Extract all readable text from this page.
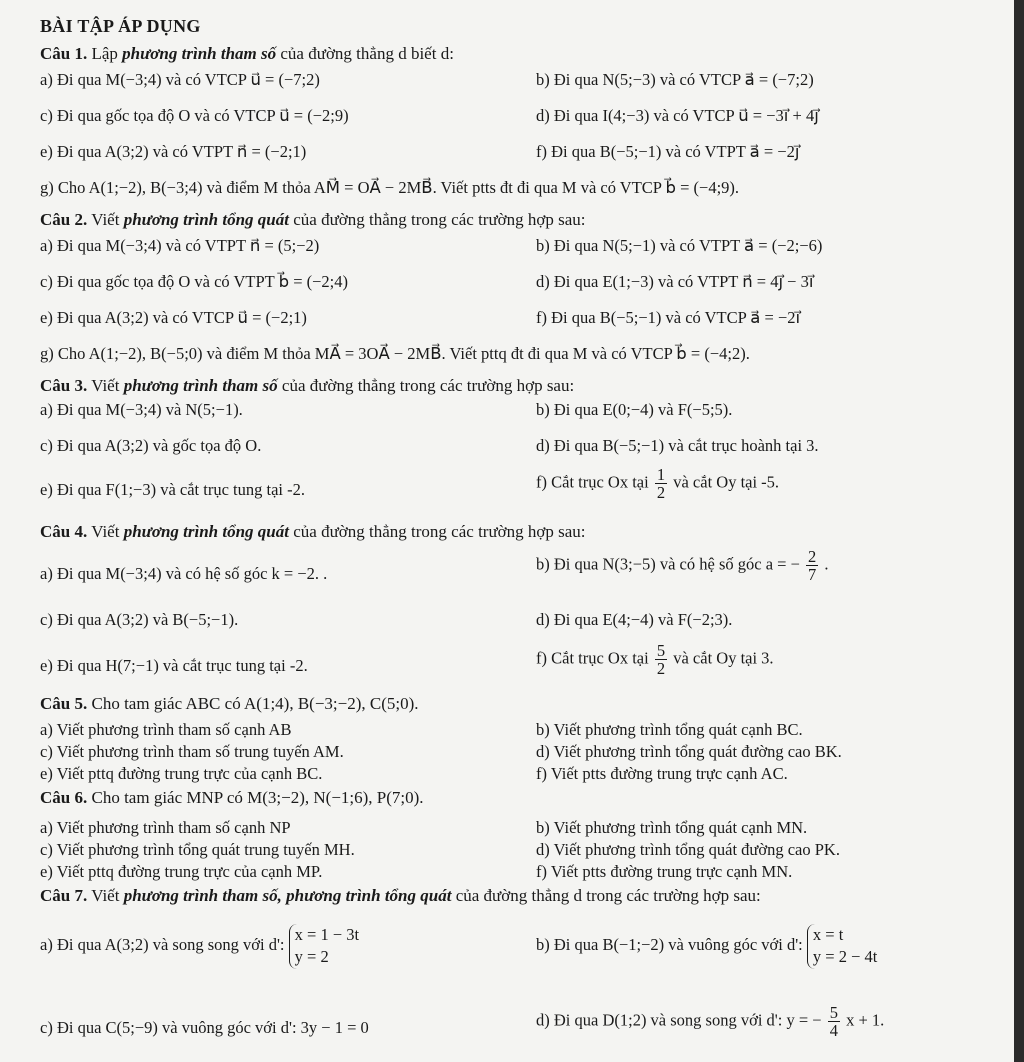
BÀI TẬP ÁP DỤNG
Câu 1. Lập phương trình tham số của đường thẳng d biết d:
a) Đi qua M(−3;4) và có VTCP u⃗ = (−7;2)	b) Đi qua N(5;−3) và có VTCP a⃗ = (−7;2)
c) Đi qua gốc tọa độ O và có VTCP u⃗ = (−2;9)	d) Đi qua I(4;−3) và có VTCP u⃗ = −3i⃗ + 4j⃗
e) Đi qua A(3;2) và có VTPT n⃗ = (−2;1)	f) Đi qua B(−5;−1) và có VTPT a⃗ = −2j⃗
g) Cho A(1;−2), B(−3;4) và điểm M thỏa AM⃗ = OA⃗ − 2MB⃗. Viết ptts đt đi qua M và có VTCP b⃗ = (−4;9).
Câu 2. Viết phương trình tổng quát của đường thẳng trong các trường hợp sau:
a) Đi qua M(−3;4) và có VTPT n⃗ = (5;−2)	b) Đi qua N(5;−1) và có VTPT a⃗ = (−2;−6)
c) Đi qua gốc tọa độ O và có VTPT b⃗ = (−2;4)	d) Đi qua E(1;−3) và có VTPT n⃗ = 4j⃗ − 3i⃗
e) Đi qua A(3;2) và có VTCP u⃗ = (−2;1)	f) Đi qua B(−5;−1) và có VTCP a⃗ = −2i⃗
g) Cho A(1;−2), B(−5;0) và điểm M thỏa MA⃗ = 3OA⃗ − 2MB⃗. Viết pttq đt đi qua M và có VTCP b⃗ = (−4;2).
Câu 3. Viết phương trình tham số của đường thẳng trong các trường hợp sau:
a) Đi qua M(−3;4) và N(5;−1).	b) Đi qua E(0;−4) và F(−5;5).
c) Đi qua A(3;2) và gốc tọa độ O.	d) Đi qua B(−5;−1) và cắt trục hoành tại 3.
e) Đi qua F(1;−3) và cắt trục tung tại -2.	f) Cắt trục Ox tại $\frac{1}{2}$ và cắt Oy tại -5.
Câu 4. Viết phương trình tổng quát của đường thẳng trong các trường hợp sau:
a) Đi qua M(−3;4) và có hệ số góc k = −2. .	b) Đi qua N(3;−5) và có hệ số góc a = − $\frac{2}{7}$ .
c) Đi qua A(3;2) và B(−5;−1).	d) Đi qua E(4;−4) và F(−2;3).
e) Đi qua H(7;−1) và cắt trục tung tại -2.	f) Cắt trục Ox tại $\frac{5}{2}$ và cắt Oy tại 3.
Câu 5. Cho tam giác ABC có A(1;4), B(−3;−2), C(5;0).
a) Viết phương trình tham số cạnh AB	b) Viết phương trình tổng quát cạnh BC.
c) Viết phương trình tham số trung tuyến AM.	d) Viết phương trình tổng quát đường cao BK.
e) Viết pttq đường trung trực của cạnh BC.	f) Viết ptts đường trung trực cạnh AC.
Câu 6. Cho tam giác MNP có M(3;−2), N(−1;6), P(7;0).
a) Viết phương trình tham số cạnh NP	b) Viết phương trình tổng quát cạnh MN.
c) Viết phương trình tổng quát trung tuyến MH.	d) Viết phương trình tổng quát đường cao PK.
e) Viết pttq đường trung trực của cạnh MP.	f) Viết ptts đường trung trực cạnh MN.
Câu 7. Viết phương trình tham số, phương trình tổng quát của đường thẳng d trong các trường hợp sau:
a) Đi qua A(3;2) và song song với d':
x = 1 − 3t
y = 2
b) Đi qua B(−1;−2) và vuông góc với d':
x = t
y = 2 − 4t
c) Đi qua C(5;−9) và vuông góc với d': 3y − 1 = 0	d) Đi qua D(1;2) và song song với d': y = − $\frac{5}{4}$ x + 1.
